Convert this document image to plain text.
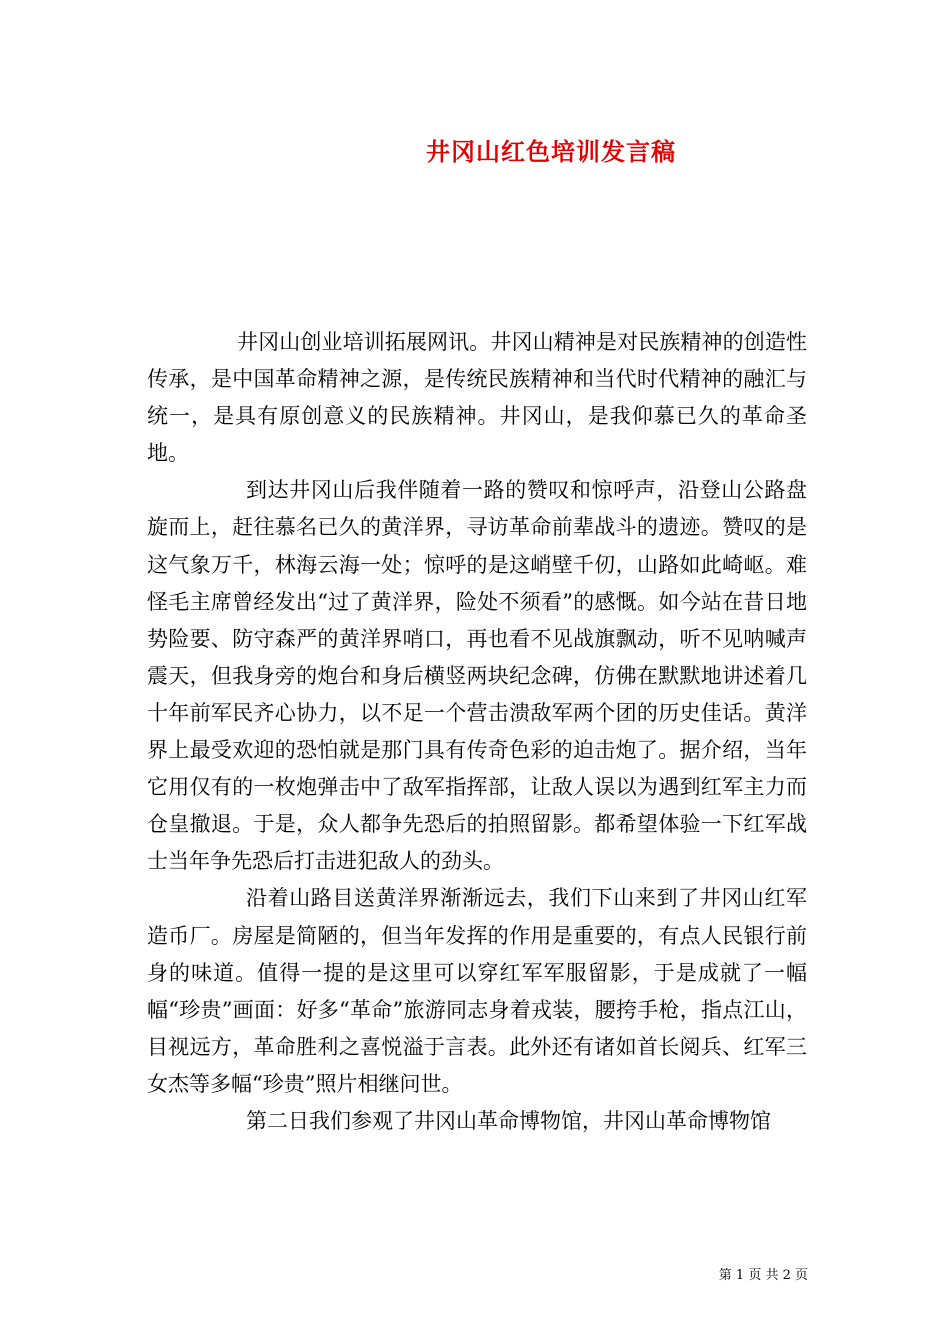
井冈山红色培训发言稿

井冈山创业培训拓展网讯。井冈山精神是对民族精神的创造性传承，是中国革命精神之源，是传统民族精神和当代时代精神的融汇与统一，是具有原创意义的民族精神。井冈山，是我仰慕已久的革命圣地。

到达井冈山后我伴随着一路的赞叹和惊呼声，沿登山公路盘旋而上，赶往慕名已久的黄洋界，寻访革命前辈战斗的遗迹。赞叹的是这气象万千，林海云海一处；惊呼的是这峭壁千仞，山路如此崎岖。难怪毛主席曾经发出“过了黄洋界，险处不须看”的感慨。如今站在昔日地势险要、防守森严的黄洋界哨口，再也看不见战旗飘动，听不见呐喊声震天，但我身旁的炮台和身后横竖两块纪念碑，仿佛在默默地讲述着几十年前军民齐心协力，以不足一个营击溃敌军两个团的历史佳话。黄洋界上最受欢迎的恐怕就是那门具有传奇色彩的迫击炮了。据介绍，当年它用仅有的一枚炮弹击中了敌军指挥部，让敌人误以为遇到红军主力而仓皇撤退。于是，众人都争先恐后的拍照留影。都希望体验一下红军战士当年争先恐后打击进犯敌人的劲头。

沿着山路目送黄洋界渐渐远去，我们下山来到了井冈山红军造币厂。房屋是简陋的，但当年发挥的作用是重要的，有点人民银行前身的味道。值得一提的是这里可以穿红军军服留影，于是成就了一幅幅“珍贵”画面：好多“革命”旅游同志身着戎装，腰挎手枪，指点江山，目视远方，革命胜利之喜悦溢于言表。此外还有诸如首长阅兵、红军三女杰等多幅“珍贵”照片相继问世。

第二日我们参观了井冈山革命博物馆，井冈山革命博物馆

第 1 页 共 2 页
